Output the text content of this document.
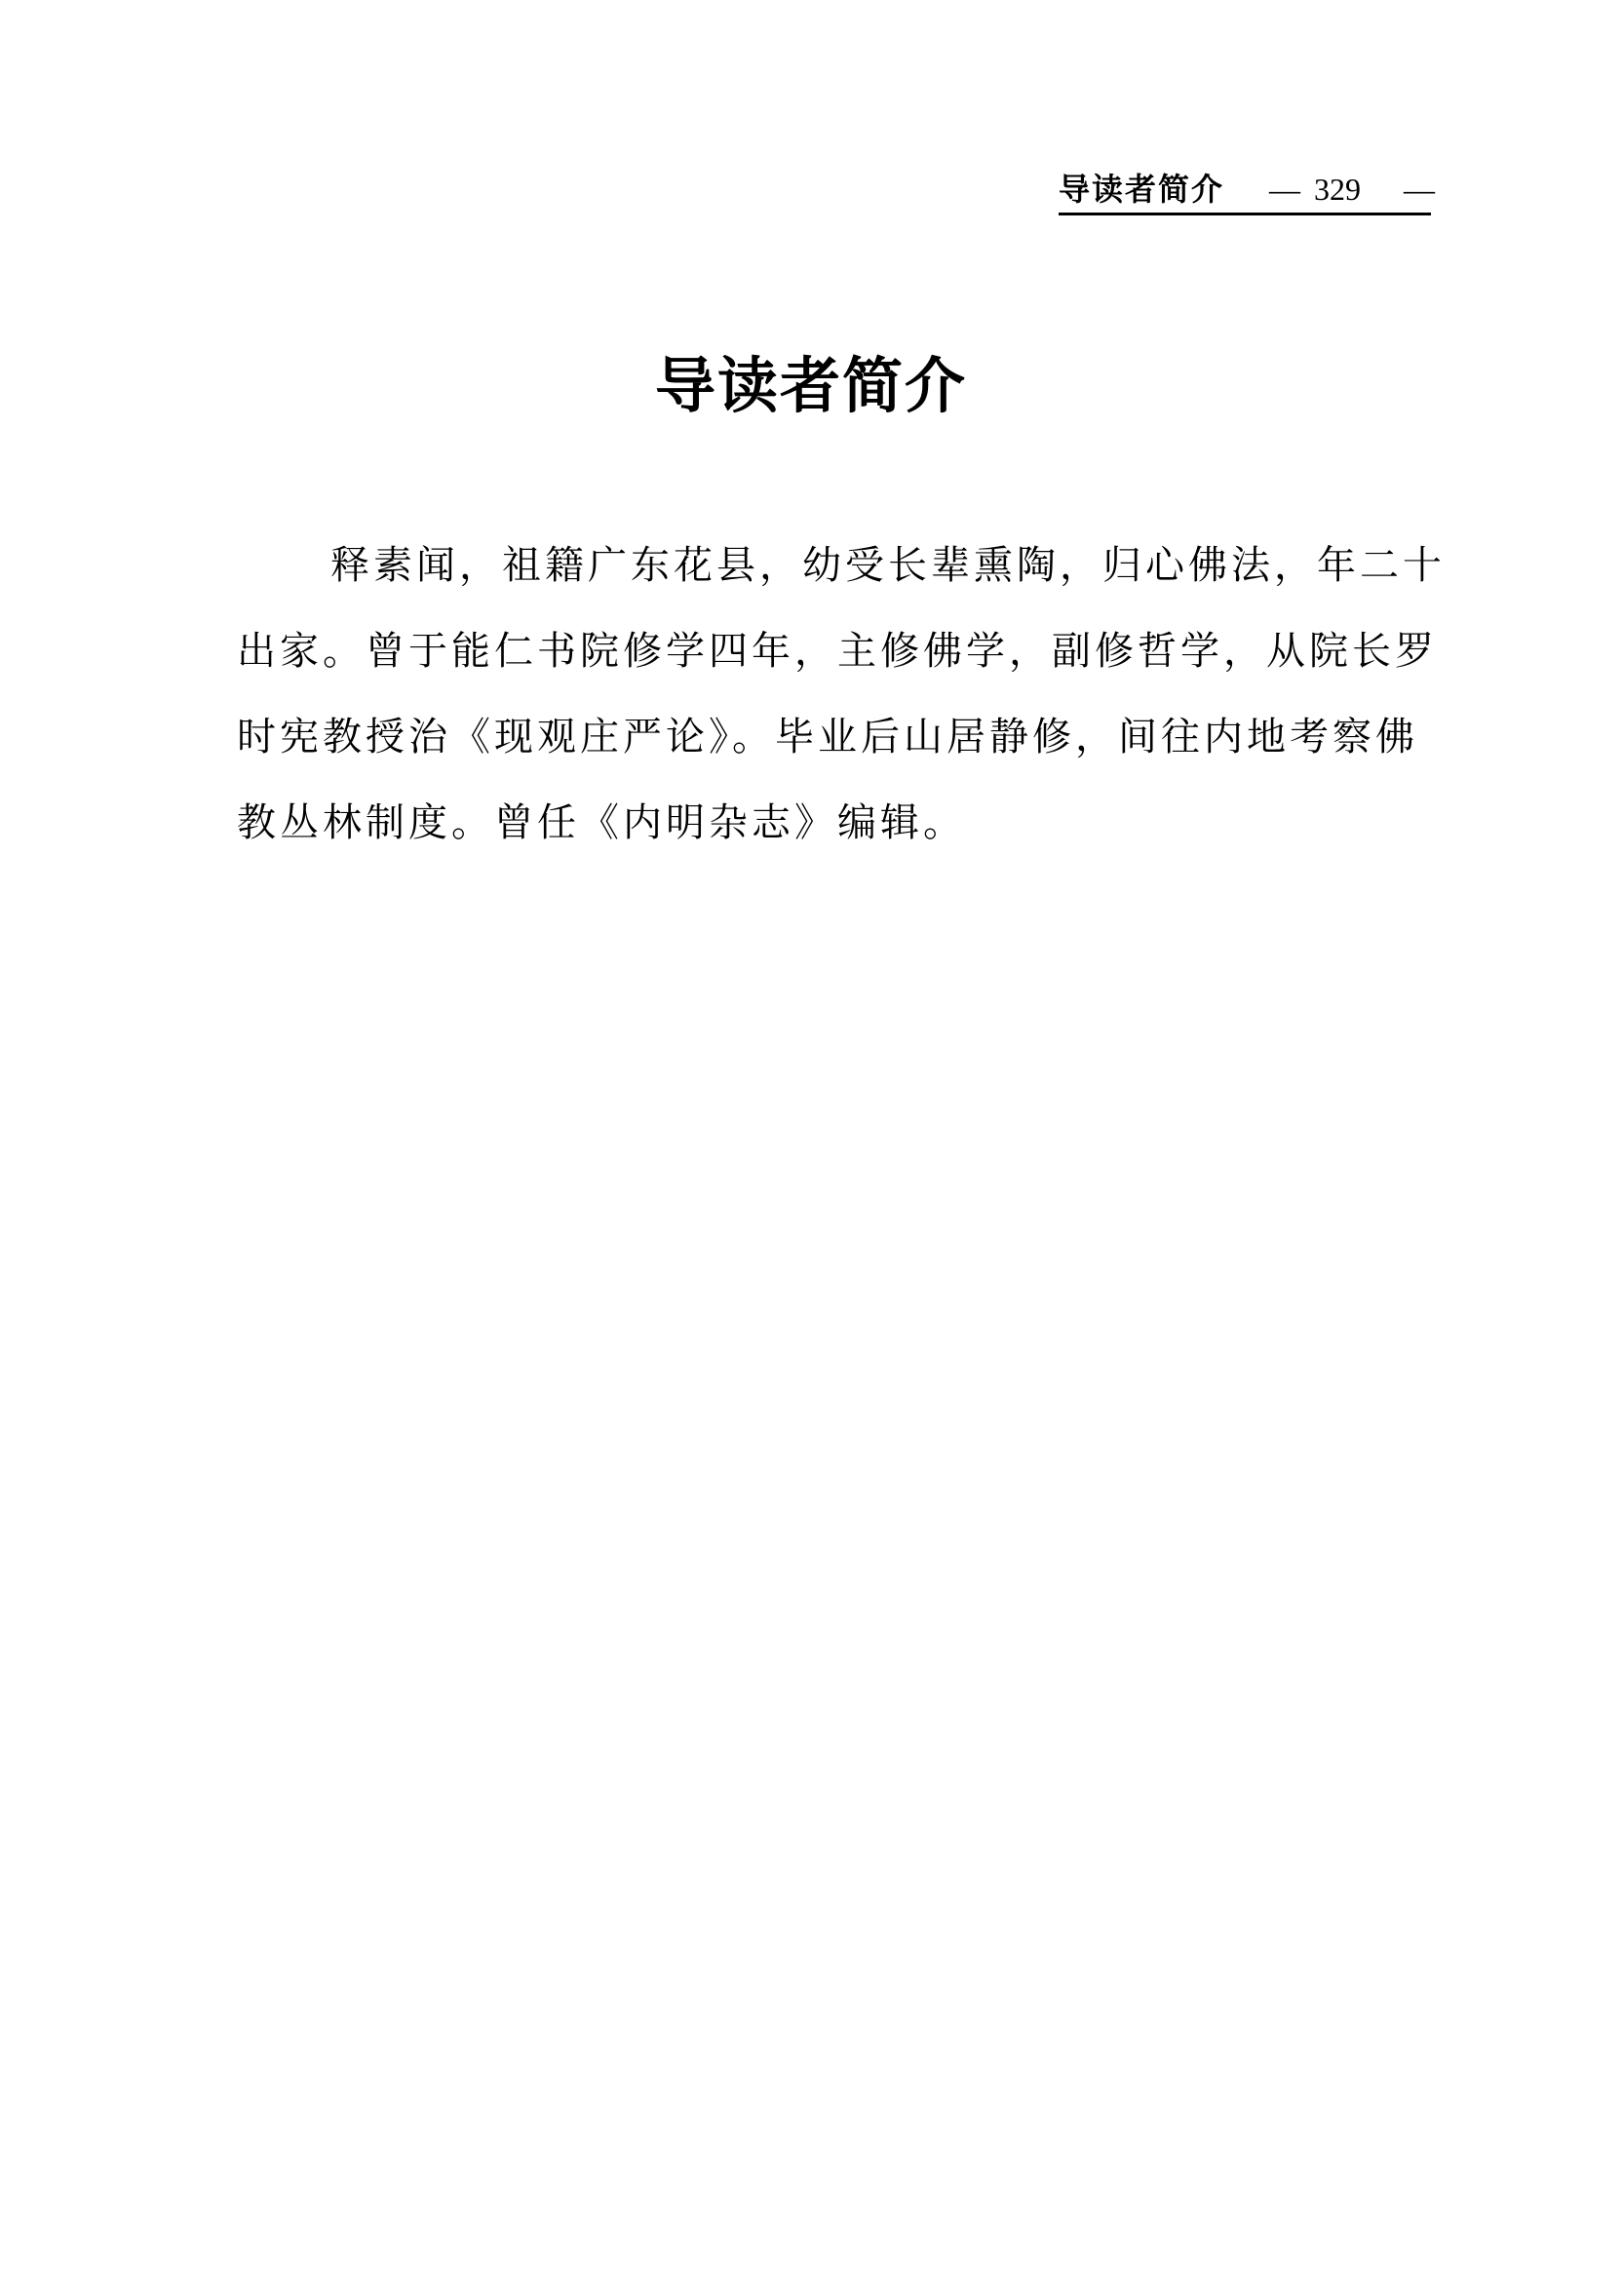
导读者简介 — 329 —
导读者简介
释素闻，祖籍广东花县，幼受长辈熏陶，归心佛法，年二十
出家。曾于能仁书院修学四年，主修佛学，副修哲学，从院长罗
时宪教授治《现观庄严论》。毕业后山居静修，间往内地考察佛
教丛林制度。曾任《内明杂志》编辑。
